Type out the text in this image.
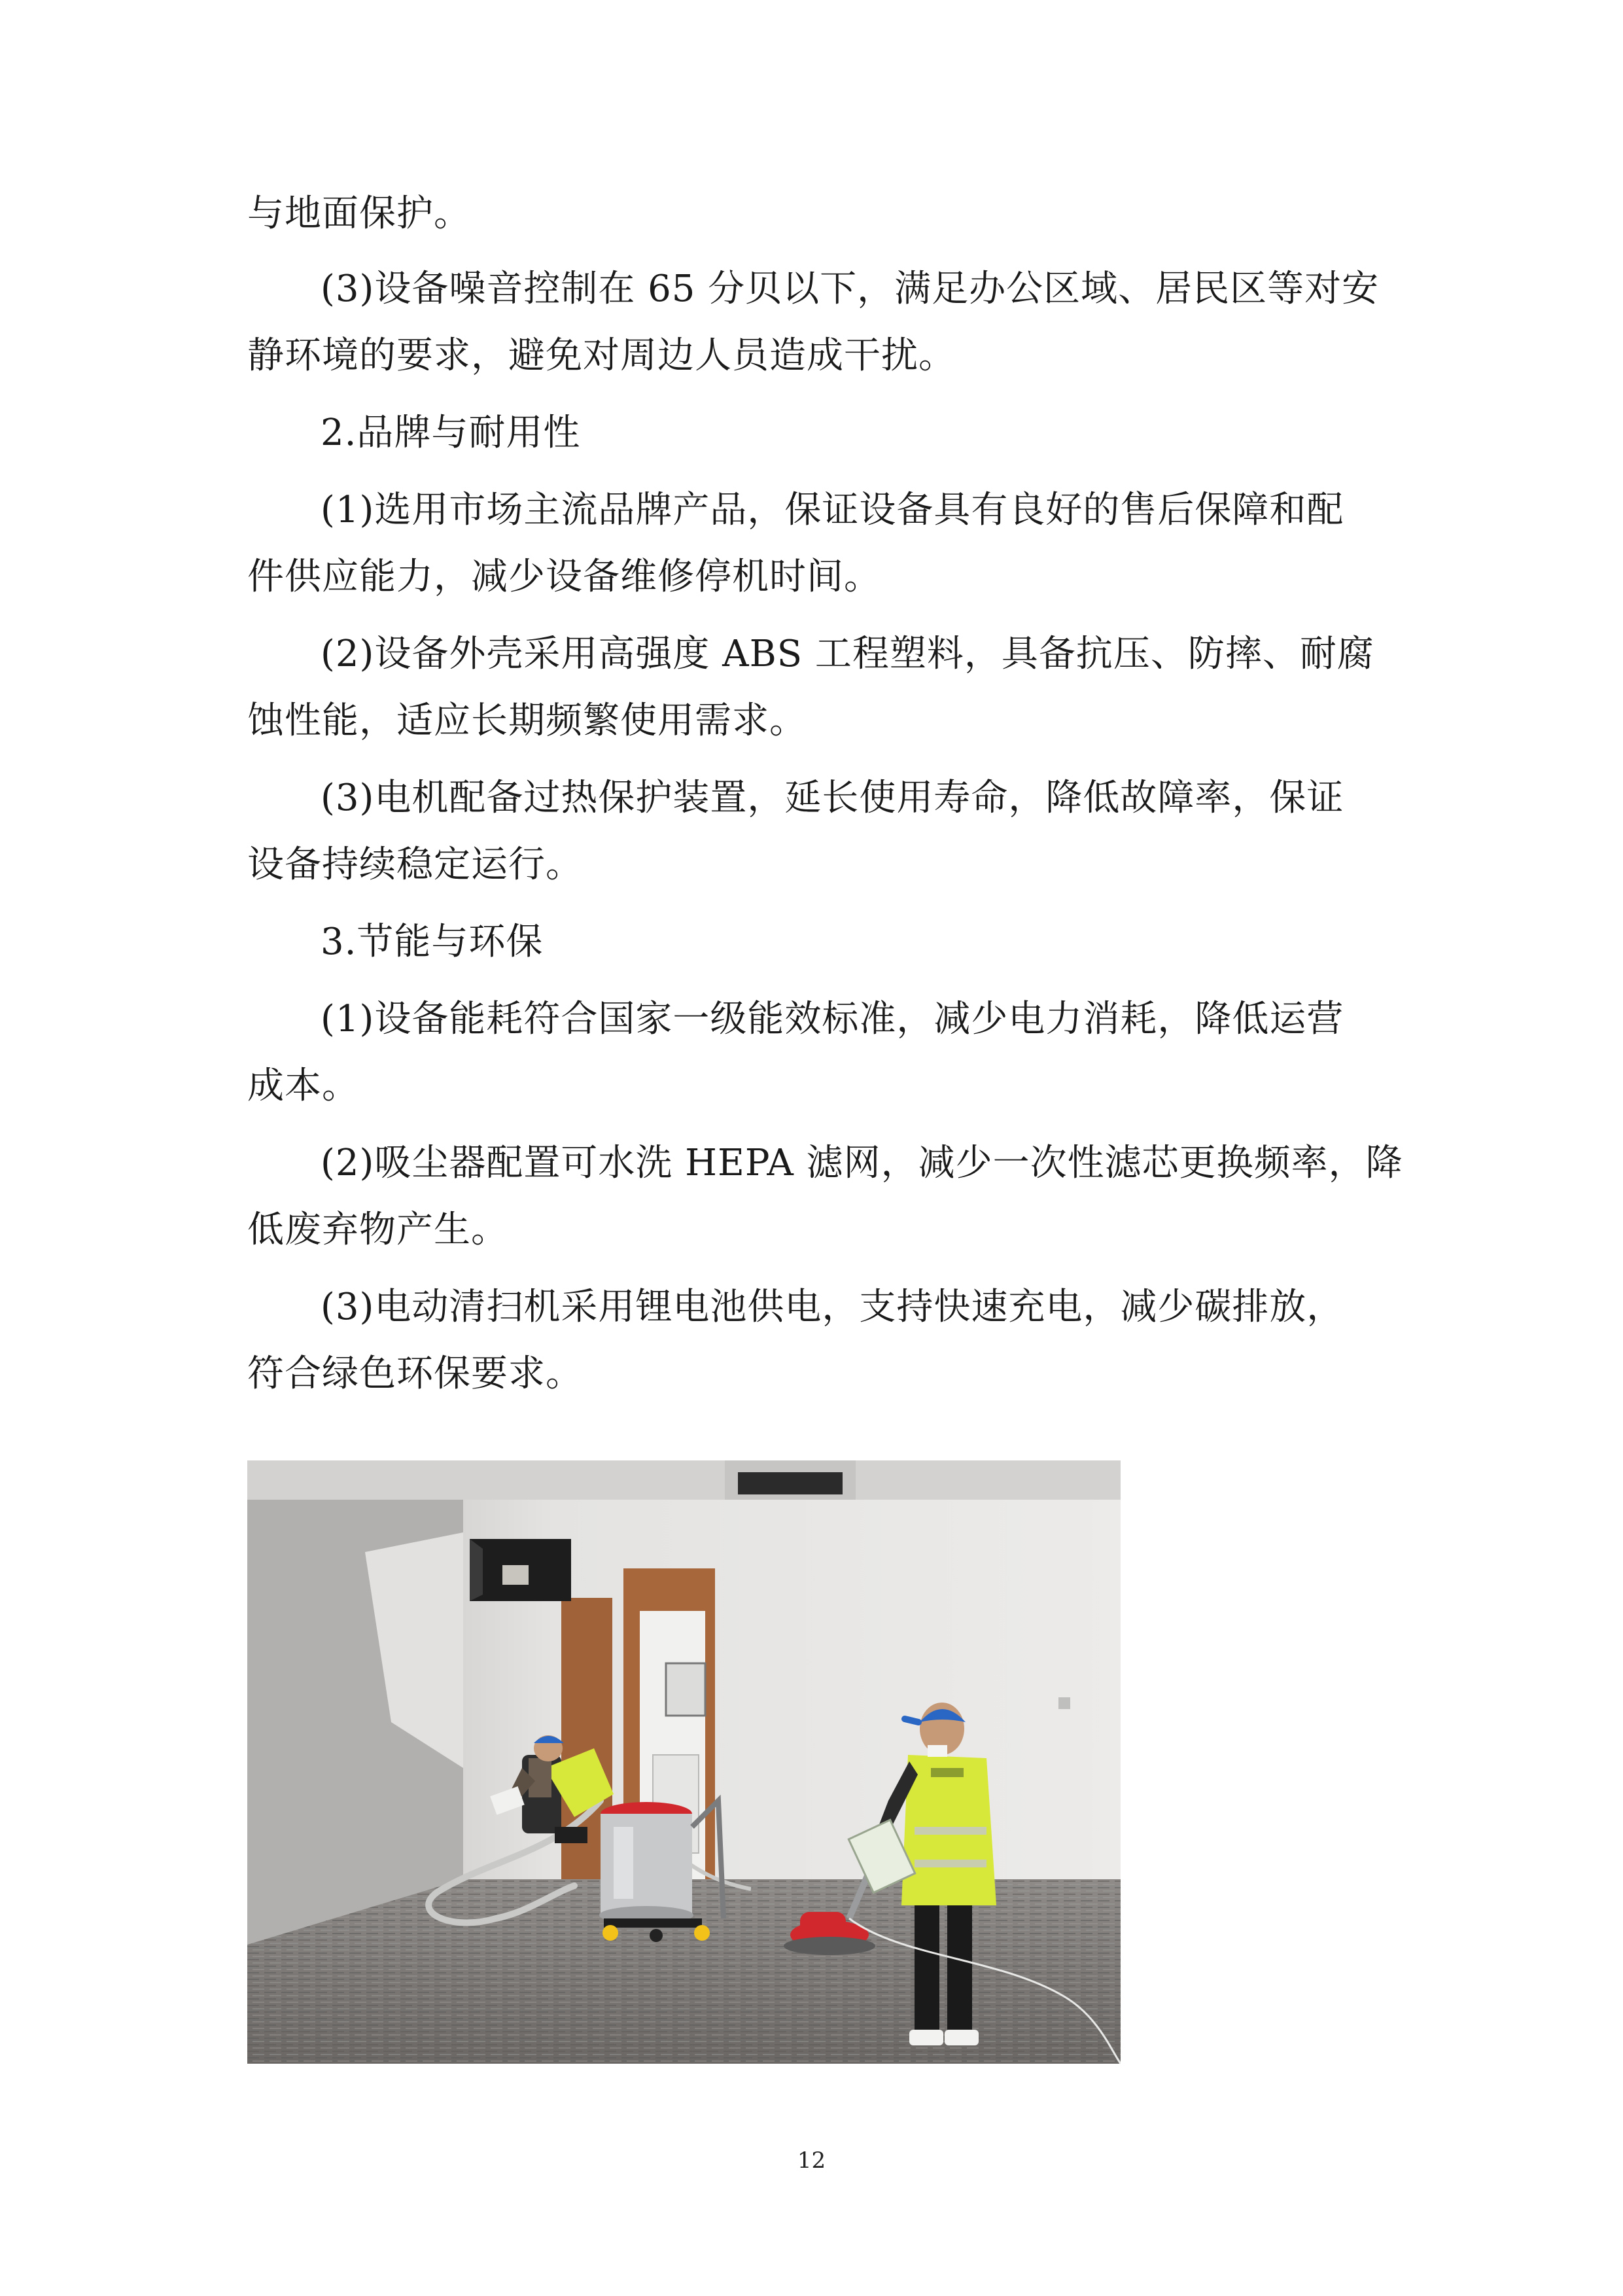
与地面保护。
(3)设备噪音控制在 65 分贝以下，满足办公区域、居民区等对安
静环境的要求，避免对周边人员造成干扰。
2.品牌与耐用性
(1)选用市场主流品牌产品，保证设备具有良好的售后保障和配
件供应能力，减少设备维修停机时间。
(2)设备外壳采用高强度 ABS 工程塑料，具备抗压、防摔、耐腐
蚀性能，适应长期频繁使用需求。
(3)电机配备过热保护装置，延长使用寿命，降低故障率，保证
设备持续稳定运行。
3.节能与环保
(1)设备能耗符合国家一级能效标准，减少电力消耗，降低运营
成本。
(2)吸尘器配置可水洗 HEPA 滤网，减少一次性滤芯更换频率，降
低废弃物产生。
(3)电动清扫机采用锂电池供电，支持快速充电，减少碳排放，
符合绿色环保要求。
12
